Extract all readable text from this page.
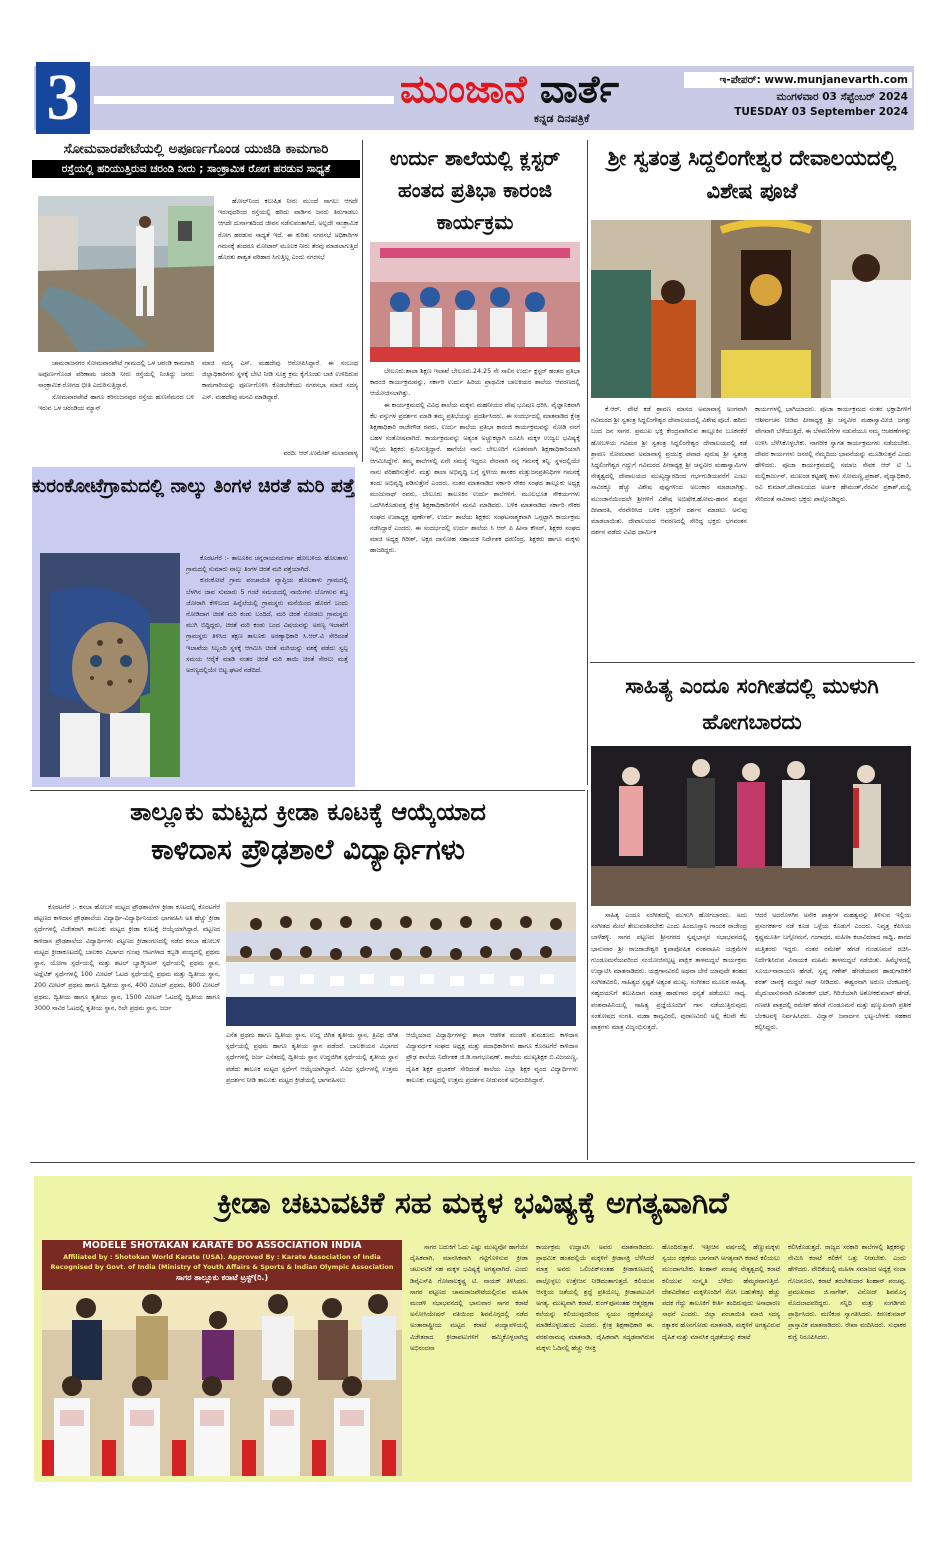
3	ಮುಂಜಾನೆ ವಾರ್ತೆ
ಕನ್ನಡ ದಿನಪತ್ರಿಕೆ
ಇ-ಪೇಪರ್: www.munjanevarth.com
ಮಂಗಳವಾರ 03 ಸೆಪ್ಟೆಂಬರ್ 2024
TUESDAY 03 September 2024
ಸೋಮವಾರಪೇಟೆಯಲ್ಲಿ ಅಪೂರ್ಣಗೊಂಡ ಯುಜಿಡಿ ಕಾಮಗಾರಿ
ರಸ್ತೆಯಲ್ಲಿ ಹರಿಯುತ್ತಿರುವ ಚರಂಡಿ ನೀರು ; ಸಾಂಕ್ರಾಮಿಕ ರೋಗ ಹರಡುವ ಸಾಧ್ಯತೆ

ಹೋಲ್‌ನಿಂದ ಕಲುಷಿತ ನೀರು ಮುಂದೆ ಸಾಗಲು ಆಗದೇ ಇರುವುದರಿಂದ ರಸ್ತೆಯಲ್ಲಿ ಹರಿದು ವಾರ್ಡಿನ ಜನರು ತಿರುಗಾಡಲು ಆಗದೇ ದುರ್ನಾತದಿಂದ ಜೀವನ ನಡೆಸುವಂತಾಗಿದೆ, ಅಲ್ಲದೇ ಸಾಂಕ್ರಾಮಿಕ ರೋಗ ಹರಡುವ ಸಾಧ್ಯತೆ ಇದೆ. ಈ ಕುರಿತು ನಗರಸಭೆ ಅಧಿಕಾರಿಗಳ ಗಮನಕ್ಕೆ ತಂದರೂ ಮೋಟಾರ್ ಮೂಲಕ ನೀರು ತೆರವು ಮಾಡಲಾಗುತ್ತಿದೆ ಹೊರತು ಶಾಶ್ವತ ಪರಿಹಾರ ಸಿಗುತ್ತಿಲ್ಲ ಎಂದು ನಗರಸಭೆ

ಚಾಮರಾಜನಗರ ಸೋಮವಾರಪೇಟೆ ಗ್ರಾಮದಲ್ಲಿ ಒಳ ಚರಂಡಿ ಕಾಮಗಾರಿ ಅಪೂರ್ಣಗೊಂಡ ಪರಿಣಾಮ ಚರಂಡಿ ನೀರು ರಸ್ತೆಯಲ್ಲಿ ನಿಂತಿದ್ದು ಜನರು ಸಾಂಕ್ರಾಮಿಕ ರೋಗದ ಭೀತಿ ಎದುರಿಸುತ್ತಿದ್ದಾರೆ.

ಸೋಮವಾರಪೇಟೆ ಹಾಗೂ ಕರಿನಂಜನಪುರ ರಸ್ತೆಯ ಹುಣಸೆಮರದ ಬಳಿ ಇರುವ ಒಳ ಚರಂಡಿಯ ಮ್ಯಾನ್

ಮಾಜಿ ಸದಸ್ಯ ಎಸ್. ಮಹದೇವು ಆರೋಪಿಸಿದ್ದಾರೆ. ಈ ಸಂಬಂಧ ಜಿಲ್ಲಾಧಿಕಾರಿಗಳು ಸ್ಥಳಕ್ಕೆ ಬೇಟಿ ನೀಡಿ ಸೂಕ್ತ ಕ್ರಮ ಕೈಗೊಂಡು ಬಾಕಿ ಉಳಿದಿರುವ ಕಾಮಗಾರಿಯನ್ನು ಪೂರ್ಣಗೊಳಿಸಿ ಕೊಡಬೇಕೆಂದು ನಗರಸಭಾ ಮಾಜಿ ಸದಸ್ಯ ಎಸ್. ಮಹದೇವು ಮನವಿ ಮಾಡಿದ್ದಾರೆ.

ವರದಿ: ಆರ್.ಉಮೇಶ್ ಮಲಾರಪಾಳ್ಯ
ಉರ್ದು ಶಾಲೆಯಲ್ಲಿ ಕ್ಲಸ್ಟರ್ ಹಂತದ ಪ್ರತಿಭಾ ಕಾರಂಜಿ ಕಾರ್ಯಕ್ರಮ

ಬೇಲೂರು:ಶಾಲಾ ಶಿಕ್ಷಣ ಇಲಾಖೆ ಬೇಲೂರು.24.25 ನೇ ಸಾಲಿನ ಉರ್ದು ಕ್ಲಸ್ಟರ್ ಹಂತದ ಪ್ರತಿಭಾ ಕಾರಂಜಿ ಕಾರ್ಯಕ್ರಮವನ್ನು, ಸರ್ಕಾರಿ ಉರ್ದು ಹಿರಿಯ ಪ್ರಾಥಮಿಕ ಬಾಲಕಿಯರ ಶಾಲೆಯ ಆವರಣದಲ್ಲಿ ಆಯೋಜಿಸಲಾಗಿತ್ತು.

ಈ ಕಾರ್ಯಕ್ರಮದಲ್ಲಿ ವಿವಿಧ ಶಾಲೆಯ ಮಕ್ಕಳು ಮಹನೀಯರ ವೇಷ ಭೂಷಣ ಧರಿಸಿ. ವೈಜ್ಞಾನಿಕವಾಗಿ ಕೆಲ ವಸ್ತುಗಳ ಪ್ರದರ್ಶನ ಮಾಡಿ ತಮ್ಮ ಪ್ರತಿಭೆಯನ್ನು ಪ್ರದರ್ಶಿಸಿದರು. ಈ ಸಂದರ್ಭದಲ್ಲಿ ಮಾತನಾಡಿದ ಕ್ಷೇತ್ರ ಶಿಕ್ಷಣಾಧಿಕಾರಿ ರಾಜೇಗೌಡ ರವರು, ಉರ್ದು ಶಾಲೆಯ ಪ್ರತಿಭಾ ಕಾರಂಜಿ ಕಾರ್ಯಕ್ರಮವನ್ನು ನೋಡಿ ನನಗೆ ಬಹಳ ಸಂತೋಷವಾಗಿದೆ. ಕಾರ್ಯಕ್ರಮವನ್ನು ಅತ್ಯಂತ ಅಚ್ಚುಕಟ್ಟಾಗಿ ರೂಪಿಸಿ ಮಕ್ಕಳ ಉಜ್ವಲ ಭವಿಷ್ಯಕ್ಕೆ ಇಲ್ಲಿಯ ಶಿಕ್ಷಕರು ಶ್ರಮಿಸುತ್ತಿದ್ದಾರೆ. ಹಾಗೆಯೇ ನಾನು ಬೇಲೂರಿಗೆ ನೂತನವಾಗಿ ಶಿಕ್ಷಣಾಧಿಕಾರಿಯಾಗಿ ಆಗಮಿಸಿದ್ದೇನೆ. ತಮ್ಮ ಶಾಲೆಗಳಲ್ಲಿ ಏನೇ ಸಮಸ್ಯೆ ಇದ್ದರೂ ನೇರವಾಗಿ ನನ್ನ ಗಮನಕ್ಕೆ ತನ್ನಿ. ಸ್ಥಳದಲ್ಲಿಯೇ ನಾನು ಪರಿಹರಿಸುತ್ತೇನೆ. ಮತ್ತು ಶಾಲಾ ಅಭಿವೃದ್ಧಿ ಬಗ್ಗೆ ಸ್ಥಳೀಯ ಶಾಸಕರ ಮತ್ತುಜನಪ್ರತಿನಿಧಿಗಳ ಗಮನಕ್ಕೆ ತಂದು ಅಭಿವೃದ್ಧಿ ಪಡಿಸುತ್ತೇನೆ ಎಂದರು. ನಂತರ ಮಾತನಾಡಿದ ಸರ್ಕಾರಿ ನೌಕರ ಸಂಘದ ತಾಲ್ಲೂಕು ಅಧ್ಯಕ್ಷ ಮಂಜುನಾಥ್ ರವರು, ಬೇಲೂರು ತಾಲೂಕಿನ ಉರ್ದು ಶಾಲೆಗಳಿಗೆ. ಮೂಲಭೂತ ಸೌಕರ್ಯಗಳು ಒದಗಿಸಿಕೊಡುವತ್ತ ಕ್ಷೇತ್ರ ಶಿಕ್ಷಣಾಧಿಕಾರಿಗಳಿಗೆ ಮನವಿ ಮಾಡಿದರು. ಬಳಿಕ ಮಾತನಾಡಿದ ಸರ್ಕಾರಿ ನೌಕರ ಸಂಘದ ಉಪಾಧ್ಯಕ್ಷ ಪುರ್ಣೇಶ್, ಉರ್ದು ಶಾಲೆಯ ಶಿಕ್ಷಕರು ಸಂಘಟನಾತ್ಮಕವಾಗಿ ಒಗ್ಗಟ್ಟಾಗಿ ಕಾರ್ಯಕ್ರಮ ನಡೆಸಿದ್ದಾರೆ ಎಂದರು. ಈ ಸಂದರ್ಭದಲ್ಲಿ ಉರ್ದು ಶಾಲೆಯ ಸಿ ಆರ್ ಪಿ ಹೀನಾ ಕೌಸರ್, ಶಿಕ್ಷಕರ ಸಂಘದ ಮಾಜಿ ಅಧ್ಯಕ್ಷ ಗಿರೀಶ್, ಅಕ್ಷರ ದಾಸೋಹ ಸಹಾಯಕ ನಿರ್ದೇಶಕ ಧರಣಿಂದ್ರ, ಶಿಕ್ಷಕರು ಹಾಗೂ ಮಕ್ಕಳು ಹಾಜರಿದ್ದರು.

ಶ್ರೀ ಸ್ವತಂತ್ರ ಸಿದ್ದಲಿಂಗೇಶ್ವರ ದೇವಾಲಯದಲ್ಲಿ ವಿಶೇಷ ಪೂಜೆ

ಕೆ.ಆರ್. ಪೇಟೆ ಕಡೆ ಶ್ರಾವಣ ಮಾಸದ ಅಮಾವಾಸ್ಯೆ ಅಂಗವಾಗಿ ಗವಿಮಠದ ಶ್ರೀ ಸ್ವತಂತ್ರ ಸಿದ್ದಲಿಂಗೇಶ್ವರ ದೇವಾಲಯದಲ್ಲಿ ವಿಶೇಷ ಪೂಜೆ. ಹರಿದು ಬಂದ ಜನ ಸಾಗರ. ಪ್ರಮುಖ ಭಕ್ತಿ ಕೇಂದ್ರವಾಗಿರುವ ತಾಲ್ಲೂಕಿನ ಬೂಕನಕೆರೆ ಹೋಬಳಿಯ ಗವಿಮಠ ಶ್ರೀ ಸ್ವತಂತ್ರ ಸಿದ್ದಲಿಂಗೇಶ್ವರ ದೇವಾಲಯದಲ್ಲಿ ಕಡೆ ಶ್ರಾವಣ ಸೋಮವಾರ ಅಮಾವಾಸ್ಯೆ ಪ್ರಯುಕ್ತ ಪವಾಡ ಪುರುಷ ಶ್ರೀ ಸ್ವತಂತ್ರ ಸಿದ್ದಲಿಂಗೇಶ್ವರ ಗದ್ದುಗೆ ಗವಿಮಠದ ಪೀಠಾಧ್ಯಕ್ಷ ಶ್ರೀ ಚನ್ನವೀರ ಮಹಾಸ್ವಾಮಿಗಳ ನೇತೃತ್ವದಲ್ಲಿ ದೇವಾಲಯದ ಮುಖ್ಯದ್ವಾರದಿಂದ ಗರ್ಭಗುಡಿಯವರೆಗೆ ಎಂಟು ಸಾವಿರಕ್ಕೂ ಹೆಚ್ಚು ವಿಶೇಷ ಪುಷ್ಪಗಳಿಂದ ಅಲಂಕಾರ ಮಾಡಲಾಗಿತ್ತು. ಮುಂಜಾನೆಯಿಂದಲೇ ಶ್ರೀಗಳಿಗೆ ವಿಶೇಷ ಅಭಿಷೇಕ,ಹೋಮ-ಹವನ ತುಪ್ಪದ ದೀಪಾರತಿ, ನೆರವೇರಿಸಿದ ಬಳಿಕ ಭಕ್ತರಿಗೆ ದರ್ಶನ ಮಾಡಲು ಅನುವು ಮಾಡಲಾಯಿತು. ದೇವಾಲಯದ ಆವರಣದಲ್ಲಿ ಸೇರಿದ್ದ ಭಕ್ತರು ಭಗವಂತನ ದರ್ಶನ ಪಡೆದು ವಿವಿಧ ಧಾರ್ಮಿಕ

ಕಾರ್ಯಗಳಲ್ಲಿ ಭಾಗಿಯಾದರು. ಪೂಜಾ ಕಾರ್ಯಕ್ರಮದ ನಂತರ ಭಕ್ತಾದಿಗಳಿಗೆ ಆಶೀರ್ವಚನ ನೀಡಿದ ಪೀಠಾಧ್ಯಕ್ಷ ಶ್ರೀ ಚನ್ನವೀರ ಮಹಾಸ್ವಾಮೀಜಿ ಜಗತ್ತು ವೇಗವಾಗಿ ಬೆಳೆಯುತ್ತಿದೆ. ಈ ಬೆಳವಣಿಗೆಗಳ ನಡುವೆಯೂ ನಮ್ಮ ಆಚರಣೆಗಳನ್ನು ಉಳಿಸಿ ಬೆಳೆಸಿಕೊಳ್ಳಬೇಕು. ನಾಗರೀಕ ಸ್ವಾಗತ ಕಾರ್ಯಕ್ರಮಗಳು ನಡೆಯಬೇಕು. ದೇವರ ಕಾರ್ಯಗಳು ಜನರಲ್ಲಿ ನೆಮ್ಮದಿಯ ಭಾವನೆಯನ್ನು ಮೂಡಿಸುತ್ತವೆ ಎಂದು ಹೇಳಿದರು. ಪೂಜಾ ಕಾರ್ಯಕ್ರಮದಲ್ಲಿ ಸಮಾಜ ಸೇವಕ ಆರ್ ಟಿ ಓ ಮಲ್ಲಿಕಾರ್ಜುನ್, ಮುಖಂಡ ಕಟ್ಟಹಳ್ಳಿ ಕಾಳು ಸೋಮಣ್ಣ,ಪ್ರಕಾಶ್, ವೈದ್ಯಾಧಿಕಾರಿ, ರವಿ ಕುಮಾರ್,ದೇವಾಲಯದ ಅರ್ಚಕ ಹೇಮಂತ್,ನೆರವಿನ ಪ್ರಕಾಶ್,ಮಲ್ಲಿ ಸೇರಿದಂತೆ ಸಾವಿರಾರು ಭಕ್ತರು ಪಾಲ್ಗೊಂಡಿದ್ದರು.

ಕುರಂಕೋಟೆಗ್ರಾಮದಲ್ಲಿ ನಾಲ್ಕು ತಿಂಗಳ ಚಿರತೆ ಮರಿ ಪತ್ತೆ

ಕೊರಟಗೆರೆ :- ತಾಲೂಕಿನ ಚನ್ನರಾಯನದುರ್ಗಾ ಹೋಬಳಿಯ ಹೊಲತಾಳು ಗ್ರಾಮದಲ್ಲಿ ಸುಮಾರು ನಾಲ್ಕು ತಿಂಗಳ ಚಿರತೆ ಮರಿ ಪತ್ತೆಯಾಗಿದೆ.

ಕುರಂಕೋಟೆ ಗ್ರಾಮ ಪಂಚಾಯಿತಿ ವ್ಯಾಪ್ತಿಯ ಹೊಲತಾಳು ಗ್ರಾಮದಲ್ಲಿ ಬೆಳಗಿನ ಜಾವ ಸುಮಾರು 5 ಗಂಟೆ ಸಮಯದಲ್ಲಿ ನಾಯಿಗಳು ಬೊಗಳುವ ಶಬ್ಧ ಜೋರಾಗಿ ಕೇಳಿಬಂದ ಹಿನ್ನೆಲೆಯಲ್ಲಿ ಗ್ರಾಮಸ್ಥರು ಮನೆಯಿಂದ ಹೊರಗೆ ಬಂದು ನೋಡಿದಾಗ ಚಿರತೆ ಮರಿ ಕಂಡು ಬಂದಿದೆ, ಮರಿ ಚಿರತೆ ನೋಡಲು ಗ್ರಾಮಸ್ಥರು ಮುಗಿ ಬಿದ್ದಿದ್ದರು, ಚಿರತೆ ಮರಿ ಕಂಡು ಬಂದ ವಿಷಯವನ್ನು ಅರಣ್ಯ ಇಲಾಖೆಗೆ ಗ್ರಾಮಸ್ಥರು ತಿಳಿಸಿದ ತಕ್ಷಣ ತಾಲೂಕು ಅರಣ್ಯಾಧಿಕಾರಿ ಸಿ.ಆರ್.ವಿ ಸೇರಿದಂತೆ ಇಲಾಖೆಯ ಸಿಬ್ಬಂದಿ ಸ್ಥಳಕ್ಕೆ ಆಗಮಿಸಿ ಚಿರತೆ ಮರಿಯನ್ನು ವಶಕ್ಕೆ ಪಡೆದು ಸ್ವಲ್ಪ ಸಮಯ ಆರೈಕೆ ಮಾಡಿ ನಂತರ ಚಿರತೆ ಮರಿ ತಾಯಿ ಚಿರತೆ ಸೇರಲು ಮತ್ತೆ ಅರಣ್ಯದಲ್ಲಿಯೇ ಬಿಟ್ಟ ಘಟನೆ ನಡೆದಿದೆ.

ಸಾಹಿತ್ಯ ಎಂದೂ ಸಂಗೀತದಲ್ಲಿ ಮುಳುಗಿ ಹೋಗಬಾರದು

ಸಾಹಿತ್ಯ ಎಂದೂ ಸಂಗೀತದಲ್ಲಿ ಮುಳುಗಿ ಹೋಗಬಾರದು. ಅದು ಸಂಗೀತದ ಮೇಲೆ ತೇಲುವಂತಿರಬೇಕು ಎಂದು ಹಿಂದೂಸ್ತಾನಿ ಗಾಯಕ ರಾಜೇಂದ್ರ ಬಾಳೆಹಳ್ಳಿ. ಸಾಗರ ಪಟ್ಟಣದ ಶ್ರೀನಗರದ ಸ್ವಪ್ನಭಾಸ್ಕರ ಸಭಾಭವನದಲ್ಲಿ ಭಾನುವಾರ ಶ್ರೀ ರಾಜರಾಜೇಶ್ವರಿ ಕೃಪಾಪೋಷಿತ ವಂಶವಾಹಿನಿ ಯಕ್ಷಮೇಳ ಗುಂಡೂಮನೆಯವರಿಂದ ಸಂಯೋಜಿಸಲ್ಪಟ್ಟ ಪಾಕ್ಷಿಕ ತಾಳಮದ್ದಲೆ ಕಾರ್ಯಕ್ರಮ ಉದ್ಘಾಟಿಸಿ ಮಾತನಾಡಿದರು. ಯಕ್ಷಗಾನವಿರಲಿ ಅಥವಾ ಬೇರೆ ಯಾವುದೇ ತರಹದ ಸಂಗೀತವಿರಲಿ, ಸಾಹಿತ್ಯದ ಸ್ಪಷ್ಟತೆ ಅತ್ಯಂತ ಮುಖ್ಯ. ಸಂಗೀತದ ಮೂಲಕ ಸಾಹಿತ್ಯ, ಸಹೃದಯನಿಗೆ ತಲುಪಿದಾಗ ಮಾತ್ರ ಹಾಡುಗಾರ ಧನ್ಯತೆ ಪಡೆಯಲು ಸಾಧ್ಯ. ವಂಶವಾಹಿನಿಯಲ್ಲಿ ಸಾಹಿತ್ಯ ಪ್ರಜ್ಞೆಯೊಂದಿಗೆ ಗಾನ ನಡೆಯುತ್ತಿರುವುದು ಸಂತೋಷದ ಸಂಗತಿ. ಮಹಾ ಕಾವ್ಯವಿರಲಿ, ಪುರಾಣವಿರಲಿ ಅಲ್ಲಿ ಕೆಲವೇ ಕೆಲ ಪಾತ್ರಗಳು ಮಾತ್ರ ವಿಜೃಂಭಿಸುತ್ತದೆ.

ಆದರೆ ಅದರೊಳಗಿನ ಅನೇಕ ಪಾತ್ರಗಳ ಮಹತ್ವವನ್ನು ತಿಳಿಸುವ ಇಲ್ಲಿಯ ಪ್ರಸಂಗಕರ್ತರ ನಡೆ ಕೂಡ ಒಳ್ಳೆಯ ಕೊಡುಗೆ ಎಂದರು. ನಿವೃತ್ತ ಕೆಪಿಸಿಯ ಕೃಷ್ಣಮೂರ್ತಿ ಬಗ್ಗೋಮನೆ, ಗಂಗಾಧರ, ಮಹಿಳಾ ಕಲಾವಿದರಾದ ಸಾಧ್ವಿ, ಶಾರದ ಮತ್ತಿತರರು ಇದ್ದರು. ನಂತರ ರಮೇಶ್ ಹೆಗಡೆ ಗುಂಡೂಮನೆ ರಚಿಸಿ-ನಿರ್ದೇಶಿಸಿರುವ ವಿನಾಯಕ ಮಹಿಮೆ ತಾಳಮದ್ದಲೆ ನಡೆಯಿತು. ಹಿಮ್ಮೇಳದಲ್ಲಿ ಸೂರ್ಯನಾರಾಯಣ ಹೆಗಡೆ, ಸ್ವಪ್ನ ಗಣೇಶ್ ಹೆಗಡೆಯವರ ಹಾಡುಗಾರಿಕೆಗೆ ಶರತ್ ಜಾನಕ್ಯೆ ಮದ್ದಲೆ ಸಾಥ್ ನೀಡಿದರು. ಈಶ್ವರನಾಗಿ ಅರುಣ ಬೆಂಕಟವಳ್ಳಿ, ಮೈದುಲಾಸುರನಾಗಿ ರವಿಶಂಕರ್ ಭಟ್, ಗಿರಿಜೆಯಾಗಿ ಅಶೋಕಕುಮಾರ್ ಹೆಗಡೆ, ಗಣಪತಿ ಪಾತ್ರದಲ್ಲಿ ರಮೇಶ್ ಹೆಗಡೆ ಗುಂಡೂಮನೆ ಮತ್ತು ಷಣ್ಮುಖನಾಗಿ ಪ್ರತೀಕ ಬೆಂಕಟವಳ್ಳಿ ನಿರ್ವಹಿಸಿದರು. ವಿದ್ವಾನ್ ಜನಾರ್ದನ ಭಟ್ಟ-ಬೇಳಕು ಸಹಕಾರ ಕಲ್ಪಿಸಿದ್ದರು.

ತಾಲ್ಲೂಕು ಮಟ್ಟದ ಕ್ರೀಡಾ ಕೂಟಕ್ಕೆ ಆಯ್ಕೆಯಾದ
ಕಾಳಿದಾಸ ಪ್ರೌಢಶಾಲೆ ವಿದ್ಯಾರ್ಥಿಗಳು

ಕೊರಟಗೆರೆ ;- ಕಸಬಾ ಹೋಬಳಿ ಮಟ್ಟದ ಪ್ರೌಢಶಾಲೆಗಳ ಕ್ರೀಡಾ ಕೂಟದಲ್ಲಿ ಕೊರಟಗೆರೆ ಪಟ್ಟಣದ ಕಾಳಿದಾಸ ಪ್ರೌಢಶಾಲೆಯ ವಿದ್ಯಾರ್ಥಿ-ವಿದ್ಯಾರ್ಥಿನಿಯರು ಭಾಗವಹಿಸಿ ಅತಿ ಹೆಚ್ಚು ಕ್ರೀಡಾ ಸ್ಪರ್ಧೆಗಳಲ್ಲಿ ವಿಜೇತರಾಗಿ ತಾಲೂಕು ಮಟ್ಟದ ಕ್ರೀಡಾ ಕೂಟಕ್ಕೆ ಆಯ್ಕೆಯಾಗಿದ್ದಾರೆ. ಪಟ್ಟಣದ ಕಾಳಿದಾಸ ಪ್ರೌಢಶಾಲೆಯ ವಿದ್ಯಾರ್ಥಿಗಳು ಪಟ್ಟಣದ ಕ್ರೀಡಾಂಗಣದಲ್ಲಿ ನಡೆದ ಕಸಬಾ ಹೋಬಳಿ ಮಟ್ಟದ ಕ್ರೀಡಾಕೂಟದಲ್ಲಿ ಬಾಲಕರ ವಿಭಾಗದ ಗುಂಪು ಆಟಗಳಾದ ಕಬ್ಬಡಿ ಪಂದ್ಯದಲ್ಲಿ ಪ್ರಥಮ ಸ್ಥಾನ, ಯೋಗಾ ಸ್ಪರ್ಧೆಯಲ್ಲಿ ಮತ್ತು ಶಟಲ್ ಬ್ಯಾಡ್ಮಿಂಟನ್ ಸ್ಪರ್ಧೆಯಲ್ಲಿ ಪ್ರಥಮ ಸ್ಥಾನ, ಅಥ್ಲೆಟಿಕ್ ಸ್ಪರ್ಧೆಗಳಲ್ಲಿ 100 ಮೀಟರ್ ಓಟದ ಸ್ಪರ್ಧೆಯಲ್ಲಿ ಪ್ರಥಮ ಮತ್ತು ದ್ವಿತೀಯ ಸ್ಥಾನ, 200 ಮೀಟರ್ ಪ್ರಥಮ ಹಾಗೂ ದ್ವಿತೀಯ ಸ್ಥಾನ, 400 ಮೀಟರ್ ಪ್ರಥಮ, 800 ಮೀಟರ್ ಪ್ರಥಮ, ದ್ವಿತೀಯ ಹಾಗೂ ತೃತೀಯ ಸ್ಥಾನ, 1500 ಮೀಟರ್ ಓಟದಲ್ಲಿ ದ್ವಿತೀಯ ಹಾಗೂ 3000 ಸಾವಿರ ಓಟದಲ್ಲಿ ತೃತೀಯ ಸ್ಥಾನ, ರಿಲೇ ಪ್ರಥಮ ಸ್ಥಾನ, ಜರ್ಜ

ಎಸೆತ ಪ್ರಥಮ ಹಾಗೂ ದ್ವಿತೀಯ ಸ್ಥಾನ, ಉದ್ದ ಜಿಗಿತ ತೃತೀಯ ಸ್ಥಾನ, ತ್ರಿವಿಧ ಜಿಗಿತ ಸ್ಪರ್ಧೆಯಲ್ಲಿ ಪ್ರಥಮ ಹಾಗೂ ತೃತೀಯ ಸ್ಥಾನ ಪಡೆದರೆ. ಬಾಲಕೀಯರ ವಿಭಾಗದ ಸ್ಪರ್ಧೆಗಳಲ್ಲಿ ಜರ್ಜ ಎಸೆತದಲ್ಲಿ ದ್ವಿತೀಯ ಸ್ಥಾನ ಉದ್ದಜಿಗಿತ ಸ್ಪರ್ಧೆಯಲ್ಲಿ ತೃತೀಯ ಸ್ಥಾನ ಪಡೆದು ತಾಲೂಕ ಮಟ್ಟದ ಸ್ಪರ್ಧೆಗೆ ಆಯ್ಕೆಯಾಗಿದ್ದಾರೆ. ವಿವಿಧ ಸ್ಪರ್ಧೆಗಳಲ್ಲಿ ಉತ್ತಮ ಪ್ರದರ್ಶನ ನೀಡಿ ತಾಲೂಕು ಮಟ್ಟದ ಕ್ರೀಡೆಯಲ್ಲಿ ಭಾಗವಹಿಸಲು

ಆಯ್ಕೆಯಾದ ವಿದ್ಯಾರ್ಥಿಗಳನ್ನು ಶಾಲಾ ಆಡಳಿತ ಮಂಡಳಿ ತುಮಕೂರು ಕಾಳಿದಾಸ ವಿದ್ಯಾವರ್ಧಕ ಸಂಘದ ಅಧ್ಯಕ್ಷ ಮತ್ತು ಪದಾಧಿಕಾರಿಗಳು ಹಾಗೂ ಕೊರಟಗೆರೆ ಕಾಳಿದಾಸ ಪ್ರೌಢ ಶಾಲೆಯ ನಿರ್ದೇಶಕ ಜಿ.ಡಿ.ನಾಗಭೂಷಣ್, ಶಾಲೆಯ ಮುಖ್ಯಶಿಕ್ಷಕ ಬಿ.ವಿಜಯಣ್ಣ, ದೈಹಿಕ ಶಿಕ್ಷಕ ಪ್ರಭಾಕರ್ ಸೇರಿದಂತೆ ಶಾಲೆಯ ಎಲ್ಲಾ ಶಿಕ್ಷಕ ವೃಂದ ವಿದ್ಯಾರ್ಥಿಗಳು ತಾಲೂಕು ಮಟ್ಟದಲ್ಲಿ ಉತ್ತಮ ಪ್ರದರ್ಶನ ನೀಡುವಂತೆ ಅಭಿನಂದಿಸಿದ್ದಾರೆ.

ಕ್ರೀಡಾ ಚಟುವಟಿಕೆ ಸಹ ಮಕ್ಕಳ ಭವಿಷ್ಯಕ್ಕೆ ಅಗತ್ಯವಾಗಿದೆ
MODELE SHOTAKAN KARATE DO ASSOCIATION INDIA
Affiliated by : Shotokan World Karate (USA). Approved By : Karate Association of India
Recognised by Govt. of India (Ministry of Youth Affairs & Sports & Indian Olympic Association
ಸಾಗರ ತಾಲ್ಲೂಕು ಕರಾಟೆ ಟ್ರಸ್ಟ್(ರಿ.)

ಸಾಗರ ಬದುಕಿಗೆ ಓದು ಎಷ್ಟು ಮುಖ್ಯವೋ ಹಾಗೆಯೇ ದೈಹಿಕವಾಗಿ, ಮಾನಸಿಕವಾಗಿ ಗಟ್ಟಿಗೊಳಿಸುವ ಕ್ರೀಡಾ ಚಟುವಟಿಕೆ ಸಹ ಮಕ್ಕಳ ಭವಿಷ್ಯಕ್ಕೆ ಅಗತ್ಯವಾಗಿದೆ. ಎಂದು ಡಿವೈಎಸ್‌ಪಿ ಗೋಪಾಲಕೃಷ್ಣ ಟಿ. ನಾಯಕ್ ತಿಳಿಸಿದರು. ಸಾಗರ ಪಟ್ಟಣದ ಚಾಮರಾಜಪೇಟೆಯಲ್ಲಿರುವ ಮಹಿಳಾ ಮಂಡಳಿ ಸಭಾಭವನದಲ್ಲಿ ಭಾನುವಾರ ಸಾಗರ ಕರಾಟೆ ಅಸೋಸಿಯೇಷನ್ ವತಿಯಿಂದ ಶಿವಮೊಗ್ಗದಲ್ಲಿ ನಡೆದ ಅಂತಾರಾಷ್ಟ್ರೀಯ ಮಟ್ಟದ ಕರಾಟೆ ಪಂದ್ಯಾವಳಿಯಲ್ಲಿ ವಿಜೇತರಾದ ಕ್ರೀಡಾಪಟುಗಳಿಗೆ ಹಮ್ಮಿಕೊಳ್ಳಲಾಗಿದ್ದ ಅಭಿನಂದನಾ

ಕಾರ್ಯಕ್ರಮ ಉದ್ಘಾಟಿಸಿ ಅವರು ಮಾತನಾಡಿದರು. ಪ್ರಾಥಮಿಕ ಹಂತದಲ್ಲಿಯೆ ಮಕ್ಕಳಿಗೆ ಕ್ರೀಡಾಸಕ್ತಿ ಬೆಳೆಸಿದರೆ ಮಾತ್ರ ಅವರು ಒಲಿಂಪಿಕ್‌ನಂತಹ ಕ್ರೀಡಾಕೂಟದಲ್ಲಿ ಪಾಲ್ಗೊಳ್ಳಲು ಉತ್ತೇಜನ ನೀಡಿದಂತಾಗುತ್ತದೆ. ಕಲಿಯುವ ಆಸಕ್ತಿಯ ಜತೆಯಲ್ಲಿ ಶ್ರದ್ಧೆ ಪ್ರತಿಯೊಬ್ಬ ಕ್ರೀಡಾಪಟುವಿಗೆ ಅಗತ್ಯ. ಮುಖ್ಯವಾಗಿ ಕರಾಟೆ, ಕುಂಗ್‌ಫೂನಂತಹ ಆತ್ಮರಕ್ಷಣಾ ಕಲೆಯನ್ನು ಕಲಿಯುವುದರಿಂದ ಸ್ವಯಂ ರಕ್ಷಣೆಯನ್ನೂ ಮಾಡಿಕೊಳ್ಳಬಹುದು ಎಂದರು. ಕ್ಷೇತ್ರ ಶಿಕ್ಷಣಾಧಿಕಾರಿ ಈ. ಪರಶುರಾಮಪ್ಪ ಮಾತನಾಡಿ, ದೈಹಿಕವಾಗಿ ಸದೃಢವಾಗಿರುವ ಮಕ್ಕಳು ಓದಿನಲ್ಲಿ ಹೆಚ್ಚು ಆಸಕ್ತಿ

ಹೊಂದಿರುತ್ತಾರೆ. ಇತ್ತೀಚಿನ ವರ್ಷದಲ್ಲಿ ಹೆಣ್ಣುಮಕ್ಕಳು ಸ್ವಯಂ ರಕ್ಷಣೆಯ ಭಾಗವಾಗಿ ಅಗತ್ಯವಾಗಿ ಕರಾಟೆ ಕಲಿಯಲು ಮುಂದಾಗಬೇಕು. ಶಿಂಹಾನ್ ಪಂಚಪ್ಪ ನೇತೃತ್ವದಲ್ಲಿ ಕರಾಟೆ ಕಲಿಯುವ ಸಂಸ್ಕೃತಿ ಬೆಳೆದು ಹೆಮ್ಮರವಾಗುತ್ತಿದೆ. ದೇಶವಿದೇಶದ ಮಕ್ಕಳೊಂದಿಗೆ ಸೆಣಸಿ ಬಹುತೇಕ್ಕೂ ಹೆಚ್ಚು ಪದಕ ಗೆದ್ದು ತಾಲೂಕಿಗೆ ಕೀರ್ತಿ ತಂದಿರುವುದು ಅಸಾಧಾರಣ ಸಾಧನೆ ಎಂದರು. ಜಿಲ್ಲಾ ಪಂಚಾಯಿತಿ ಮಾಜಿ ಸದಸ್ಯ ರತ್ನಾಕರ ಹೊನಗೋಡು ಮಾತನಾಡಿ, ಮಕ್ಕಳಿಗೆ ಅಗತ್ಯವಿರುವ ದೈಹಿಕ ಮತ್ತು ಮಾನಸಿಕ ದೃಢತೆಯನ್ನು ಕರಾಟೆ

ಕಲಿಸಿಕೊಡುತ್ತದೆ. ರಾಜ್ಯದ ಸರಕಾರಿ ಶಾಲೆಗಳಲ್ಲಿ ಶಿಕ್ಷಕರನ್ನು ನೇಮಿಸಿ ಕರಾಟೆ ಕಲಿಕೆಗೆ ಒತ್ತು ನೀಡಬೇಕು. ಎಂದು ಹೇಳಿದರು. ವೇದಿಕೆಯಲ್ಲಿ ಮಹಿಳಾ ಸಮಾಜದ ಅಧ್ಯಕ್ಷೆ ನಂದಾ ಗೊಜನೂರು, ಕರಾಟೆ ತರಬೇತುದಾರ ಶಿಂಹಾನ್ ಪಂಚಪ್ಪ, ಪ್ರಮುಖರಾದ ಜಿ.ನಾಗೇಶ್, ವಿನೋದ್ ಶಿವಮೊಗ್ಗ ಮೊದಲಾದವರಿದ್ದರು. ಸನ್ನಿಧಿ ಮತ್ತು ಸಂಗಡಿಗರು ಪ್ರಾರ್ಥಿಸಿದರು. ಮಣಿಕಂಠ ಸ್ವಾಗತಿಸಿದರು. ಕಿರಣಕುಮಾರ್ ಪ್ರಾಸ್ತಾವಿಕ ಮಾತನಾಡಿದರು. ರೇಖಾ ವಂದಿಸಿದರು. ಸುಧಾಕರ ಕುಗ್ವೆ ನಿರೂಪಿಸಿದರು.
